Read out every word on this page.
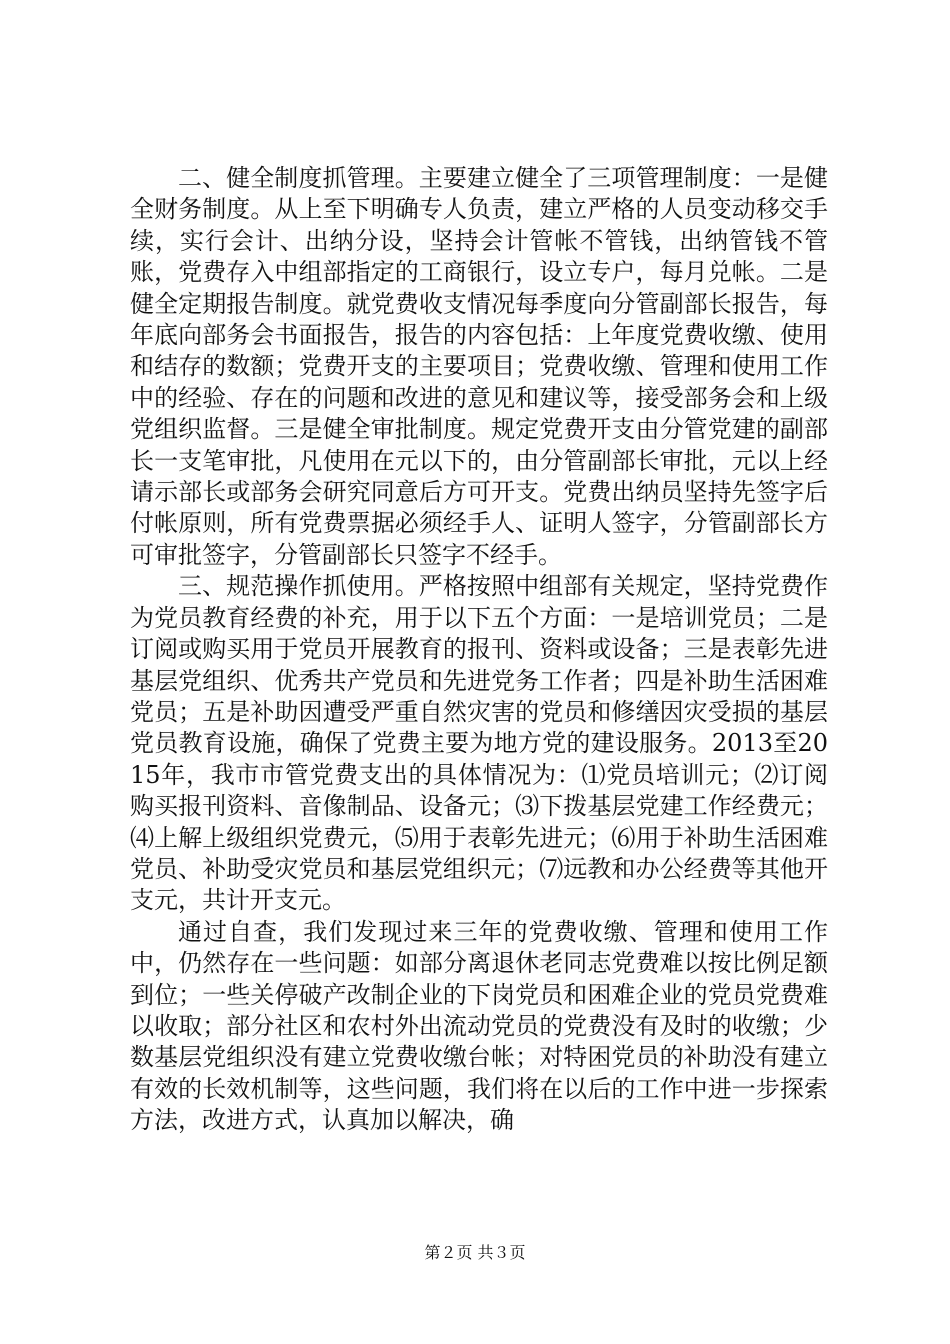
二、健全制度抓管理。主要建立健全了三项管理制度：一是健全财务制度。从上至下明确专人负责，建立严格的人员变动移交手续，实行会计、出纳分设，坚持会计管帐不管钱，出纳管钱不管账，党费存入中组部指定的工商银行，设立专户，每月兑帐。二是健全定期报告制度。就党费收支情况每季度向分管副部长报告，每年底向部务会书面报告，报告的内容包括：上年度党费收缴、使用和结存的数额；党费开支的主要项目；党费收缴、管理和使用工作中的经验、存在的问题和改进的意见和建议等，接受部务会和上级党组织监督。三是健全审批制度。规定党费开支由分管党建的副部长一支笔审批，凡使用在元以下的，由分管副部长审批，元以上经请示部长或部务会研究同意后方可开支。党费出纳员坚持先签字后付帐原则，所有党费票据必须经手人、证明人签字，分管副部长方可审批签字，分管副部长只签字不经手。

三、规范操作抓使用。严格按照中组部有关规定，坚持党费作为党员教育经费的补充，用于以下五个方面：一是培训党员；二是订阅或购买用于党员开展教育的报刊、资料或设备；三是表彰先进基层党组织、优秀共产党员和先进党务工作者；四是补助生活困难党员；五是补助因遭受严重自然灾害的党员和修缮因灾受损的基层党员教育设施，确保了党费主要为地方党的建设服务。2013至2015年，我市市管党费支出的具体情况为：⑴党员培训元；⑵订阅购买报刊资料、音像制品、设备元；⑶下拨基层党建工作经费元；⑷上解上级组织党费元，⑸用于表彰先进元；⑹用于补助生活困难党员、补助受灾党员和基层党组织元；⑺远教和办公经费等其他开支元，共计开支元。

通过自查，我们发现过来三年的党费收缴、管理和使用工作中，仍然存在一些问题：如部分离退休老同志党费难以按比例足额到位；一些关停破产改制企业的下岗党员和困难企业的党员党费难以收取；部分社区和农村外出流动党员的党费没有及时的收缴；少数基层党组织没有建立党费收缴台帐；对特困党员的补助没有建立有效的长效机制等，这些问题，我们将在以后的工作中进一步探索方法，改进方式，认真加以解决，确

第２页 共３页
